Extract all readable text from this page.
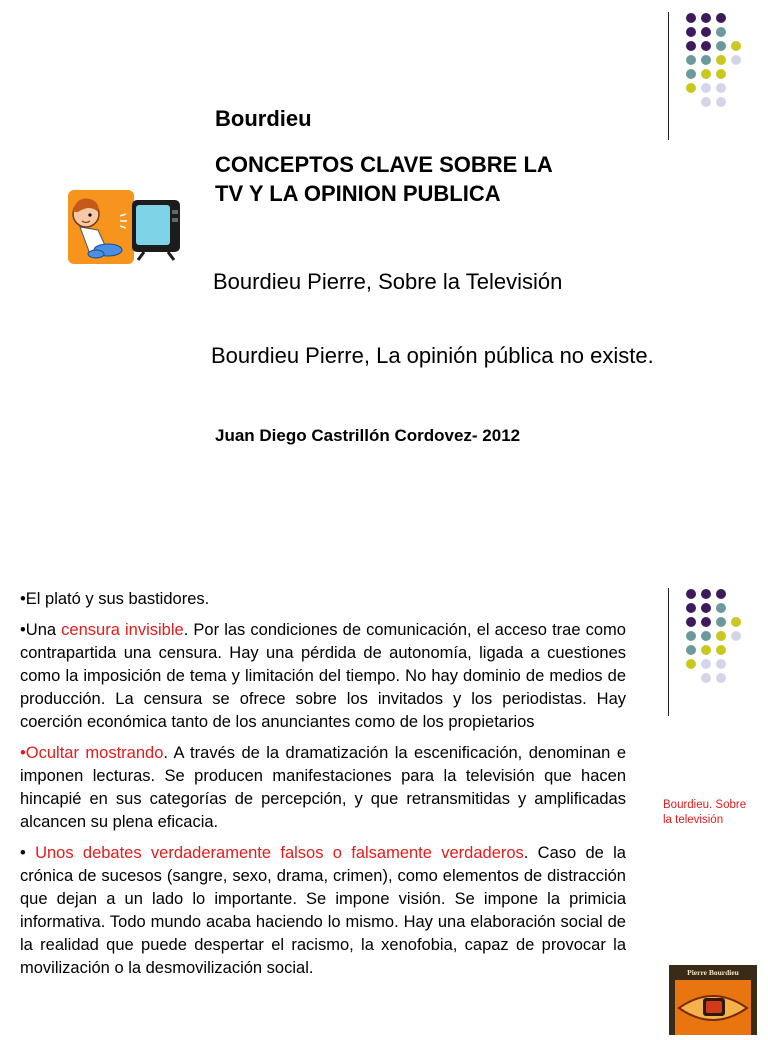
Bourdieu
CONCEPTOS CLAVE SOBRE LA
TV Y LA OPINION PUBLICA
Bourdieu Pierre, Sobre la Televisión
Bourdieu Pierre, La opinión pública no existe.
Juan Diego Castrillón Cordovez- 2012

•El plató y sus bastidores.

•Una censura invisible. Por las condiciones de comunicación, el acceso trae como contrapartida una censura. Hay una pérdida de autonomía, ligada a cuestiones como la imposición de tema y limitación del tiempo. No hay dominio de medios de producción. La censura se ofrece sobre los invitados y los periodistas. Hay coerción económica tanto de los anunciantes como de los propietarios

•Ocultar mostrando. A través de la dramatización la escenificación, denominan e imponen lecturas. Se producen manifestaciones para la televisión que hacen hincapié en sus categorías de percepción, y que retransmitidas y amplificadas alcancen su plena eficacia.

• Unos debates verdaderamente falsos o falsamente verdaderos. Caso de la crónica de sucesos (sangre, sexo, drama, crimen), como elementos de distracción que dejan a un lado lo importante. Se impone visión. Se impone la primicia informativa. Todo mundo acaba haciendo lo mismo. Hay una elaboración social de la realidad que puede despertar el racismo, la xenofobia, capaz de provocar la movilización o la desmovilización social.

Bourdieu. Sobre la televisión
Pierre Bourdieu
